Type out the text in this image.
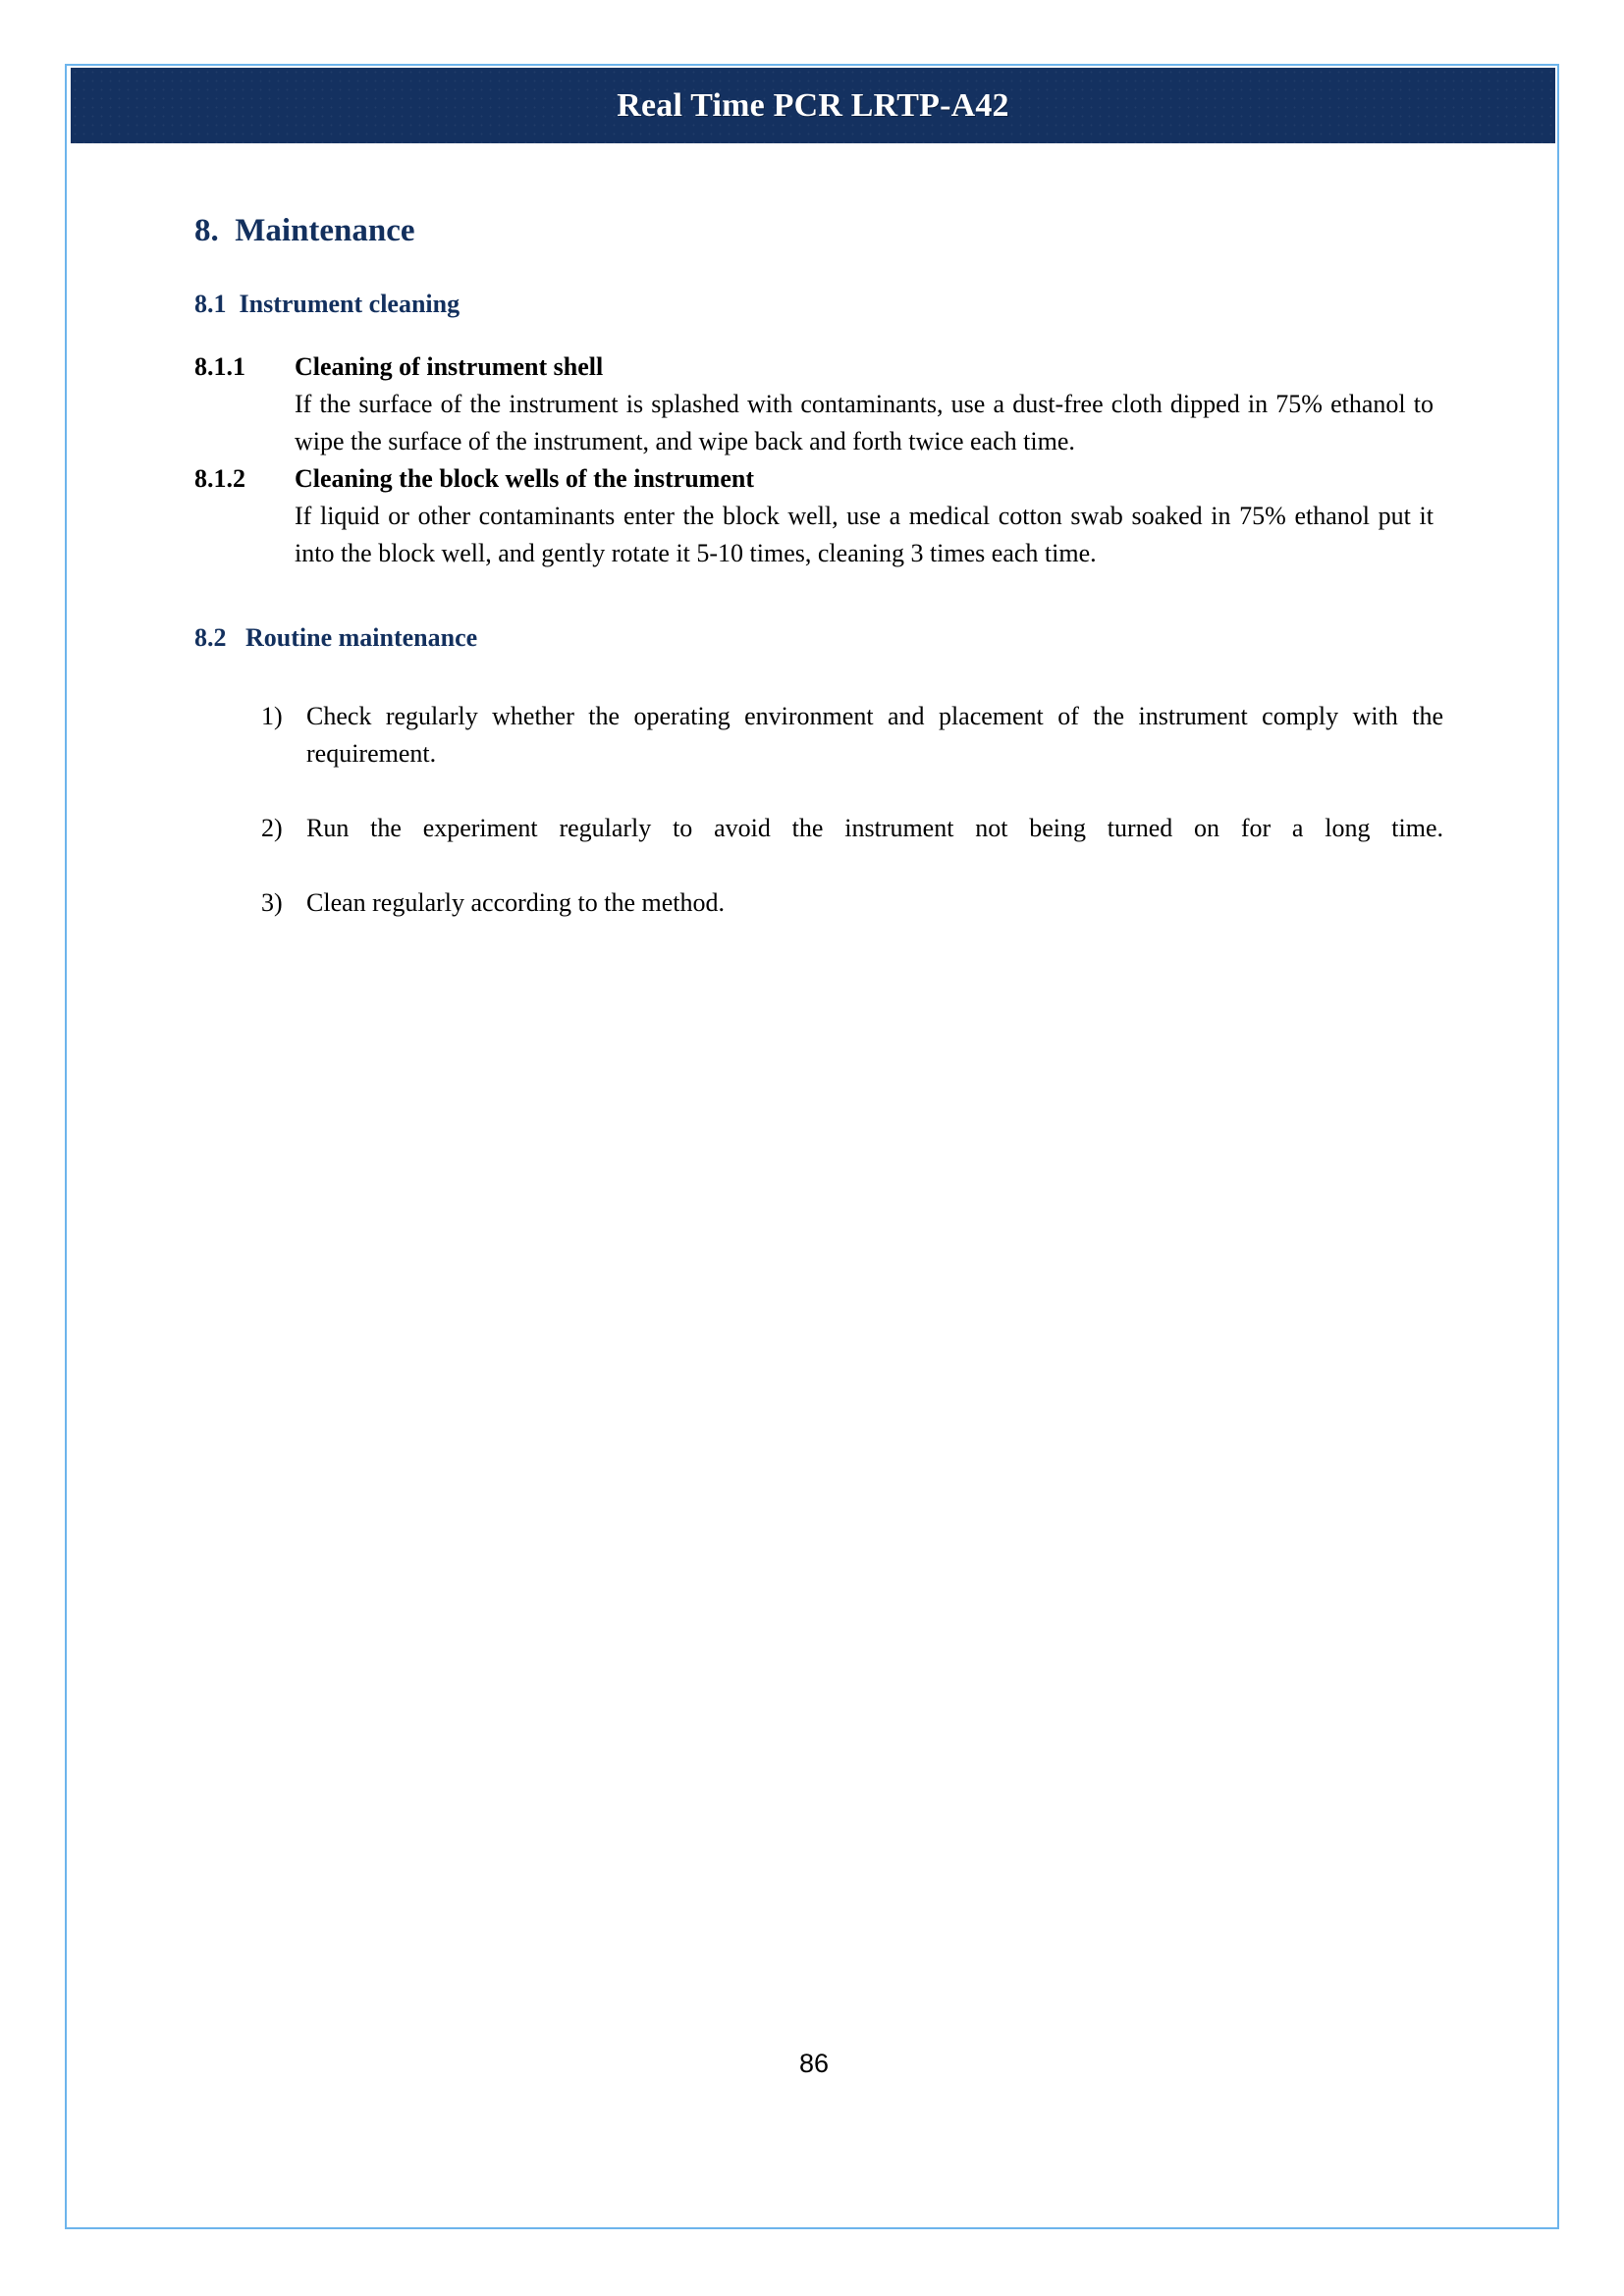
Real Time PCR LRTP-A42
8. Maintenance
8.1 Instrument cleaning
8.1.1 Cleaning of instrument shell
If the surface of the instrument is splashed with contaminants, use a dust-free cloth dipped in 75% ethanol to wipe the surface of the instrument, and wipe back and forth twice each time.
8.1.2 Cleaning the block wells of the instrument
If liquid or other contaminants enter the block well, use a medical cotton swab soaked in 75% ethanol put it into the block well, and gently rotate it 5-10 times, cleaning 3 times each time.
8.2 Routine maintenance
1) Check regularly whether the operating environment and placement of the instrument comply with the requirement.
2) Run the experiment regularly to avoid the instrument not being turned on for a long time.
3) Clean regularly according to the method.
86
